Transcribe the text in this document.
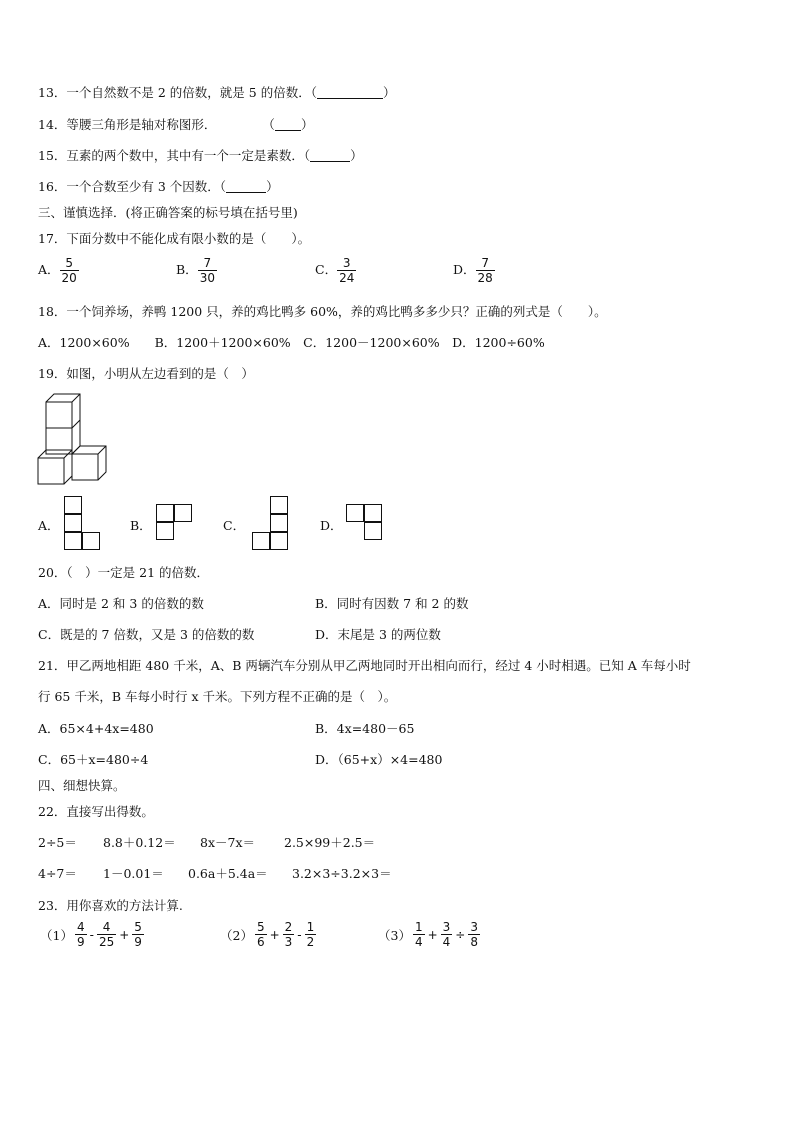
13．一个自然数不是 2 的倍数，就是 5 的倍数．（	）
14．等腰三角形是轴对称图形．	（ ）
15．互素的两个数中，其中有一个一定是素数．（	）
16．一个合数至少有 3 个因数．（	）
三、谨慎选择．(将正确答案的标号填在括号里)
17．下面分数中不能化成有限小数的是（　　）。
A． $\frac{5}{20}$	B． $\frac{7}{30}$	C． $\frac{3}{24}$	D． $\frac{7}{28}$
18．一个饲养场，养鸭 1200 只，养的鸡比鸭多 60%，养的鸡比鸭多多少只？正确的列式是（　　）。
A．1200×60%　　B．1200＋1200×60%　C．1200－1200×60%　D．1200÷60%
19．如图，小明从左边看到的是（　）
A．	B．	C．	D．
20．（　）一定是 21 的倍数．
A．同时是 2 和 3 的倍数的数	B．同时有因数 7 和 2 的数
C．既是的 7 倍数，又是 3 的倍数的数	D．末尾是 3 的两位数
21．甲乙两地相距 480 千米，A、B 两辆汽车分别从甲乙两地同时开出相向而行，经过 4 小时相遇。已知 A 车每小时
行 65 千米，B 车每小时行 x 千米。下列方程不正确的是（　）。
A．65×4+4x=480	B．4x=480－65
C．65＋x=480÷4	D．（65+x）×4=480
四、细想快算。
22．直接写出得数。
2÷5＝ 8.8＋0.12＝ 8x－7x＝ 2.5×99＋2.5＝
4÷7＝ 1－0.01＝ 0.6a＋5.4a＝ 3.2×3÷3.2×3＝
23．用你喜欢的方法计算.
$(1) \frac{4}{9} - \frac{4}{25} + \frac{5}{9}$	$(2) \frac{5}{6} + \frac{2}{3} - \frac{1}{2}$	$(3) \frac{1}{4} + \frac{3}{4} \div \frac{3}{8}$
